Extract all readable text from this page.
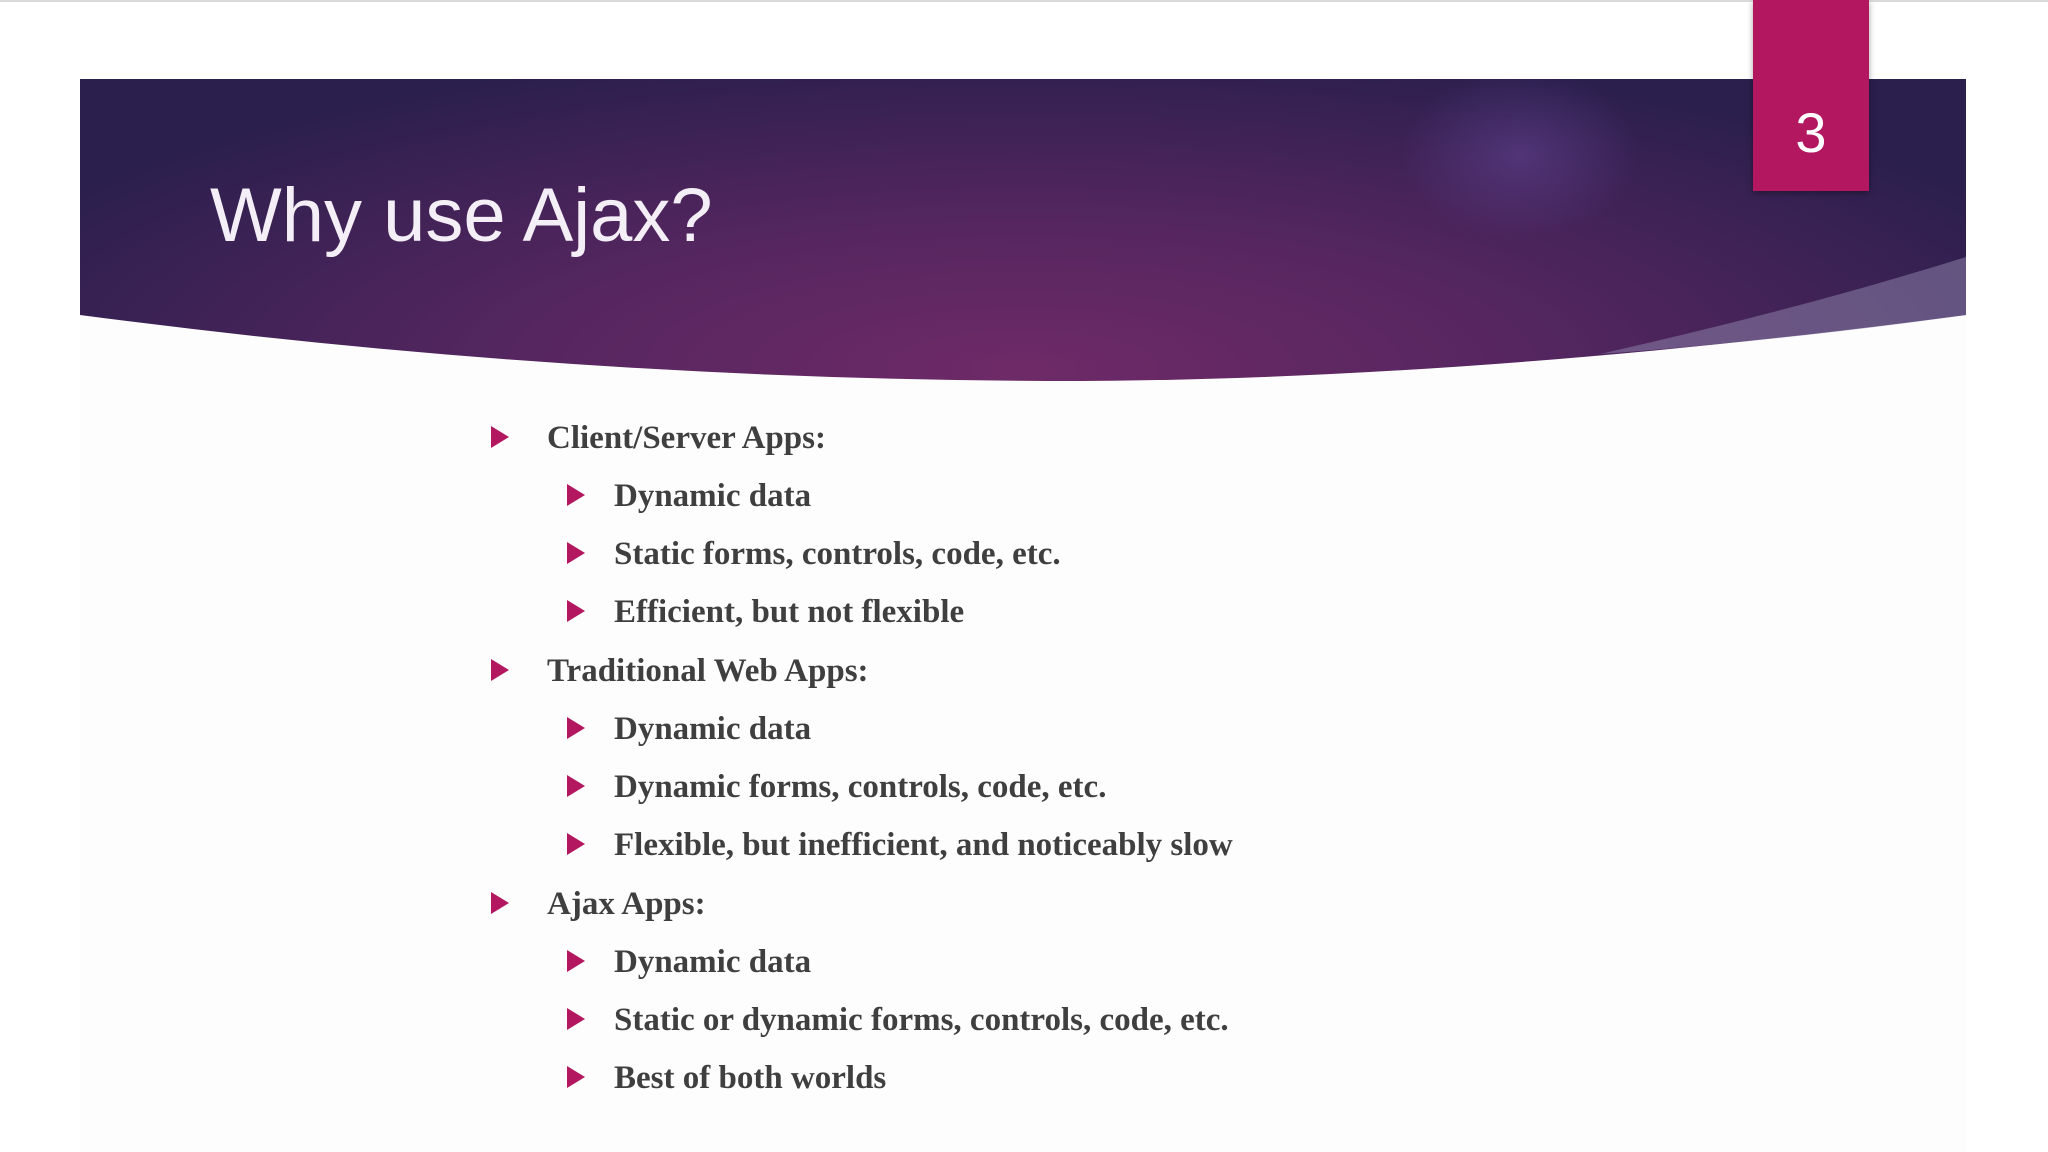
Why use Ajax?
3
Client/Server Apps:
Dynamic data
Static forms, controls, code, etc.
Efficient, but not flexible
Traditional Web Apps:
Dynamic data
Dynamic forms, controls, code, etc.
Flexible, but inefficient, and noticeably slow
Ajax Apps:
Dynamic data
Static or dynamic forms, controls, code, etc.
Best of both worlds
